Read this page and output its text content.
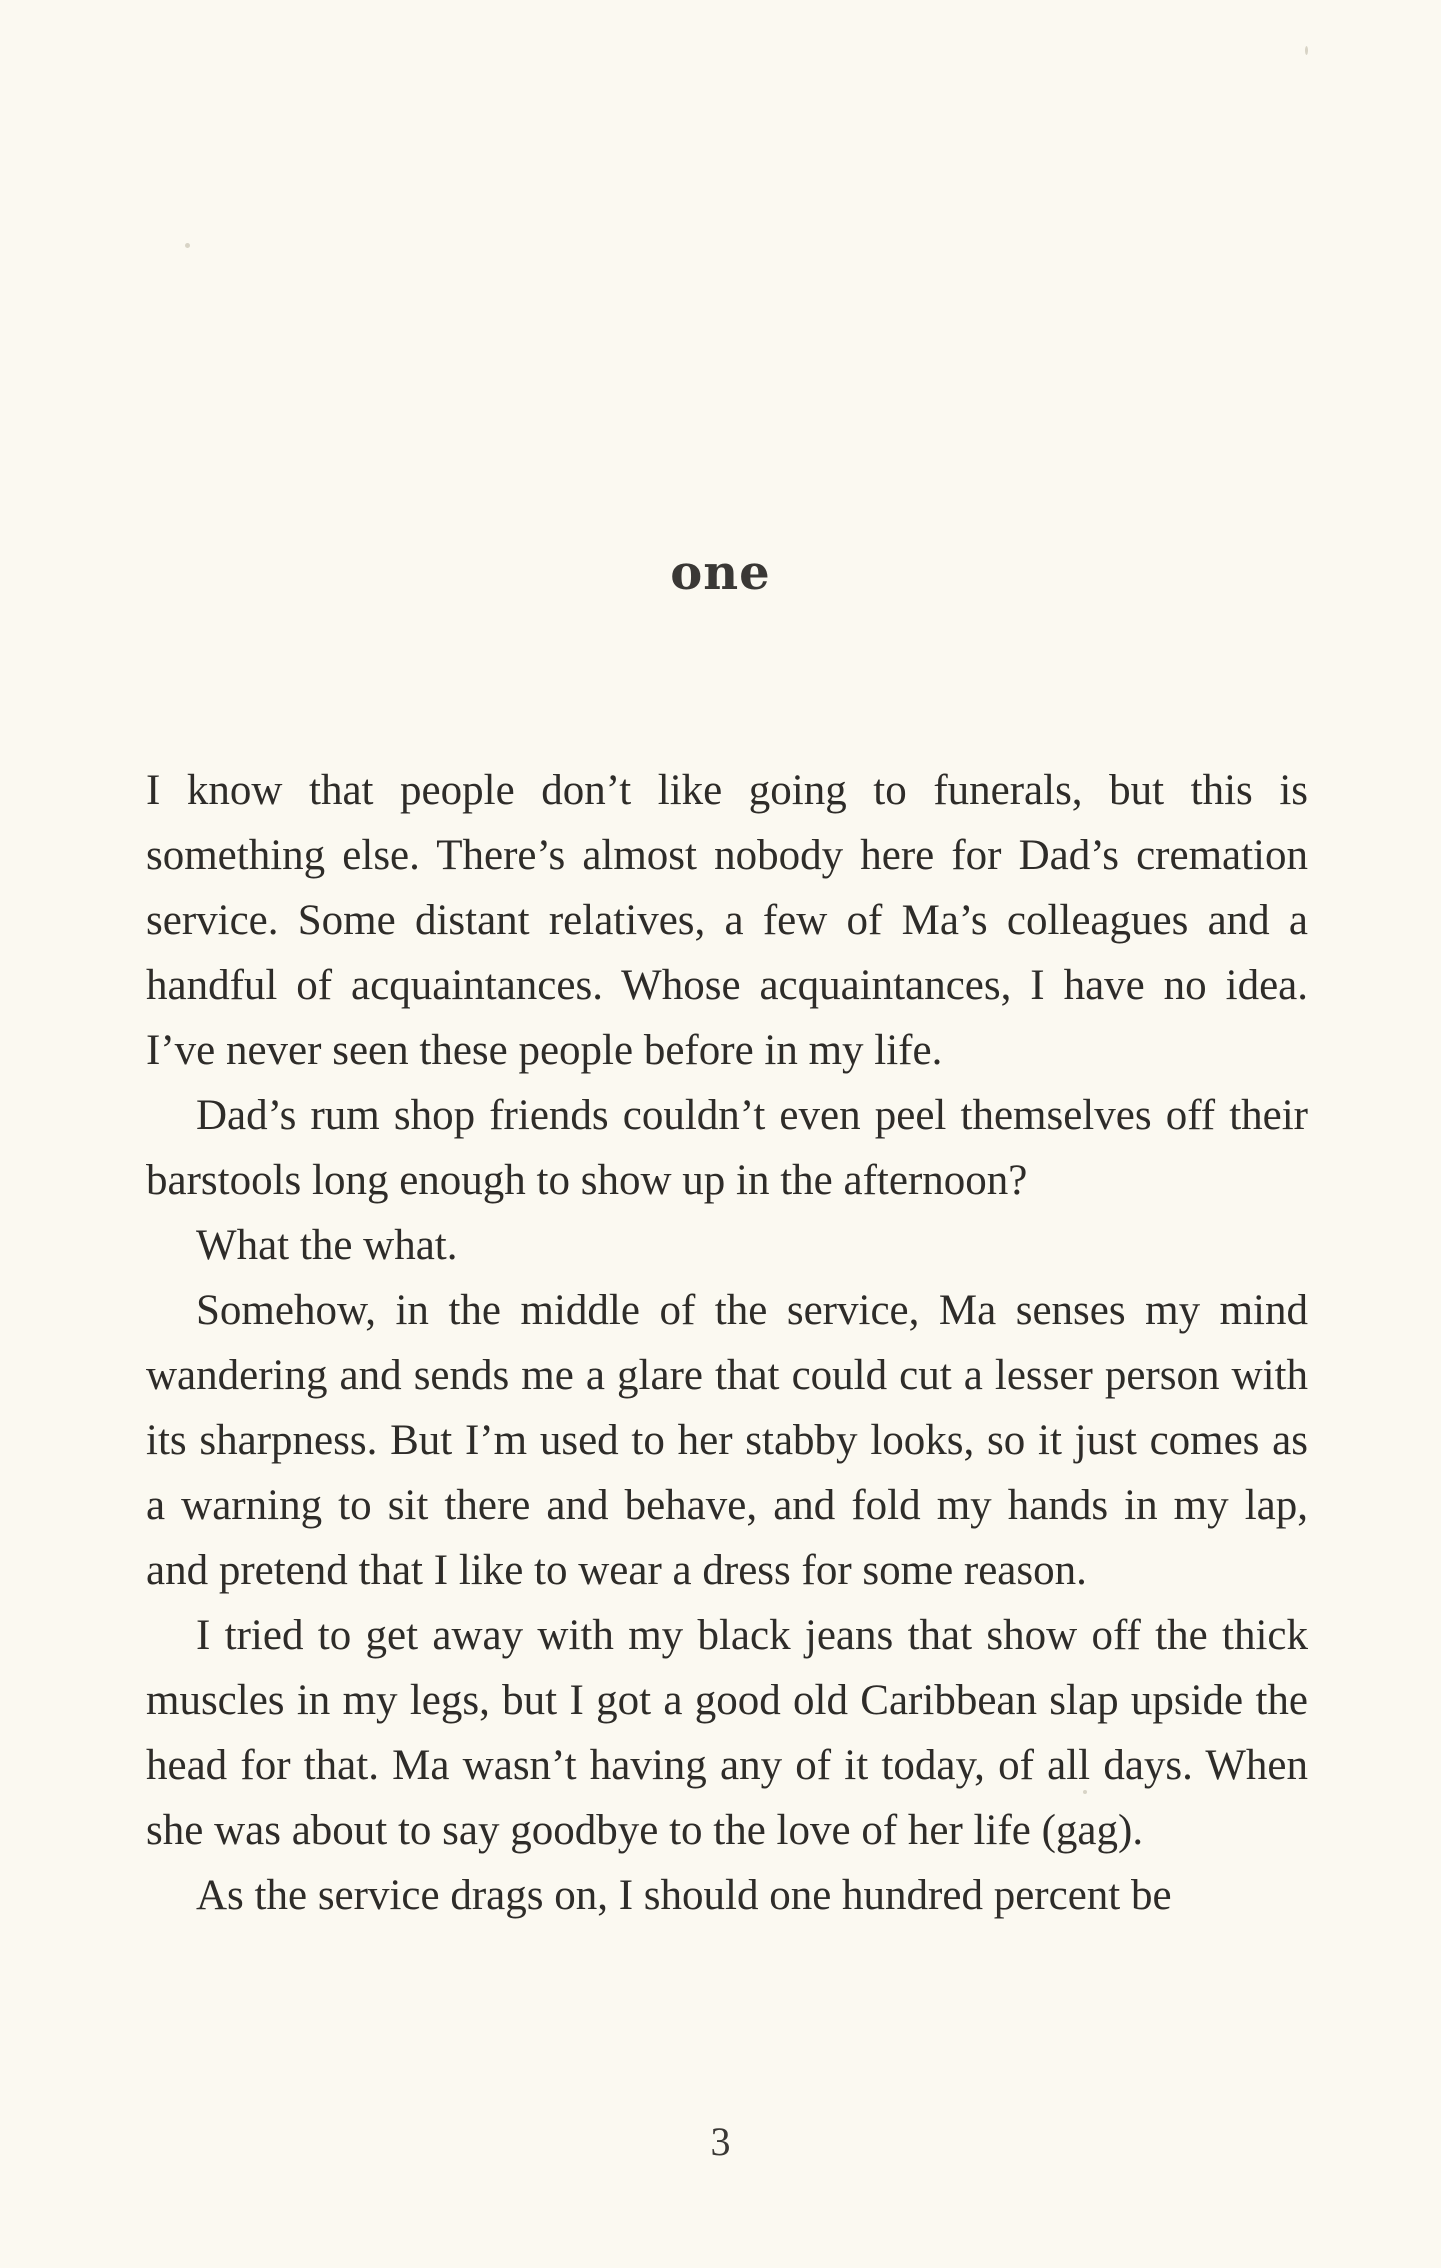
one

I know that people don’t like going to funerals, but this is something else. There’s almost nobody here for Dad’s cremation service. Some distant relatives, a few of Ma’s colleagues and a handful of acquaintances. Whose acquaintances, I have no idea. I’ve never seen these people before in my life.

Dad’s rum shop friends couldn’t even peel themselves off their barstools long enough to show up in the afternoon?

What the what.

Somehow, in the middle of the service, Ma senses my mind wandering and sends me a glare that could cut a lesser person with its sharpness. But I’m used to her stabby looks, so it just comes as a warning to sit there and behave, and fold my hands in my lap, and pretend that I like to wear a dress for some reason.

I tried to get away with my black jeans that show off the thick muscles in my legs, but I got a good old Caribbean slap upside the head for that. Ma wasn’t having any of it today, of all days. When she was about to say goodbye to the love of her life (gag).

As the service drags on, I should one hundred percent be

3
